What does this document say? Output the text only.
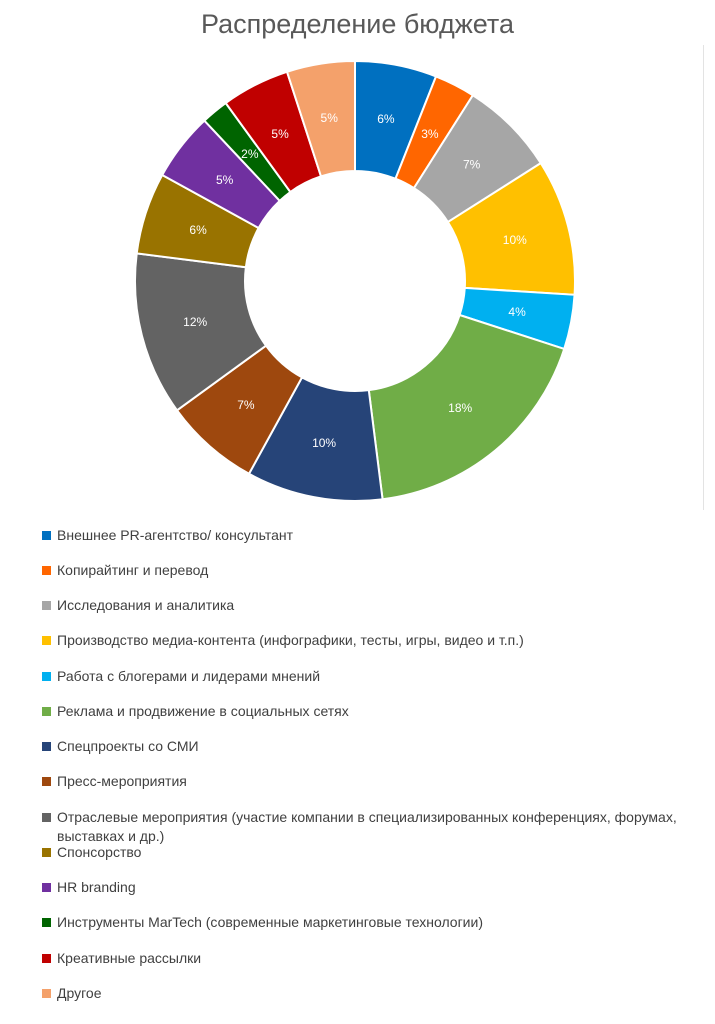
Распределение бюджета
6%
3%
7%
10%
4%
18%
10%
7%
12%
6%
5%
2%
5%
5%
Внешнее PR-агентство/ консультант
Копирайтинг и перевод
Исследования и аналитика
Производство медиа-контента (инфографики, тесты, игры, видео и т.п.)
Работа с блогерами и лидерами мнений
Реклама и продвижение в социальных сетях
Спецпроекты со СМИ
Пресс-мероприятия
Отраслевые мероприятия (участие компании в специализированных конференциях, форумах, выставках и др.)
Спонсорство
HR branding
Инструменты MarTech (современные маркетинговые технологии)
Креативные рассылки
Другое
